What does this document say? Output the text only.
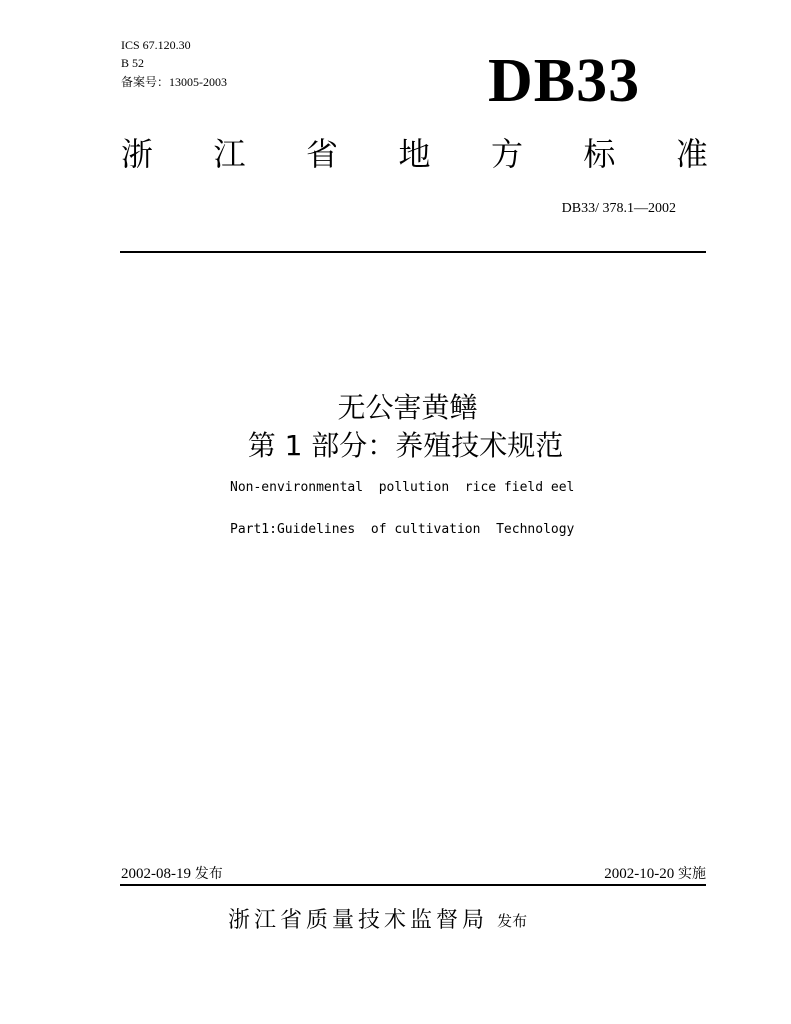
ICS 67.120.30
B 52
备案号：13005-2003	DB33
浙 江 省 地 方 标 准
DB33/ 378.1—2002
无公害黄鳝
第 1 部分：养殖技术规范
Non-environmental  pollution  rice field eel
Part1:Guidelines  of cultivation  Technology
2002-08-19 发布	2002-10-20 实施
浙江省质量技术监督局 发布
